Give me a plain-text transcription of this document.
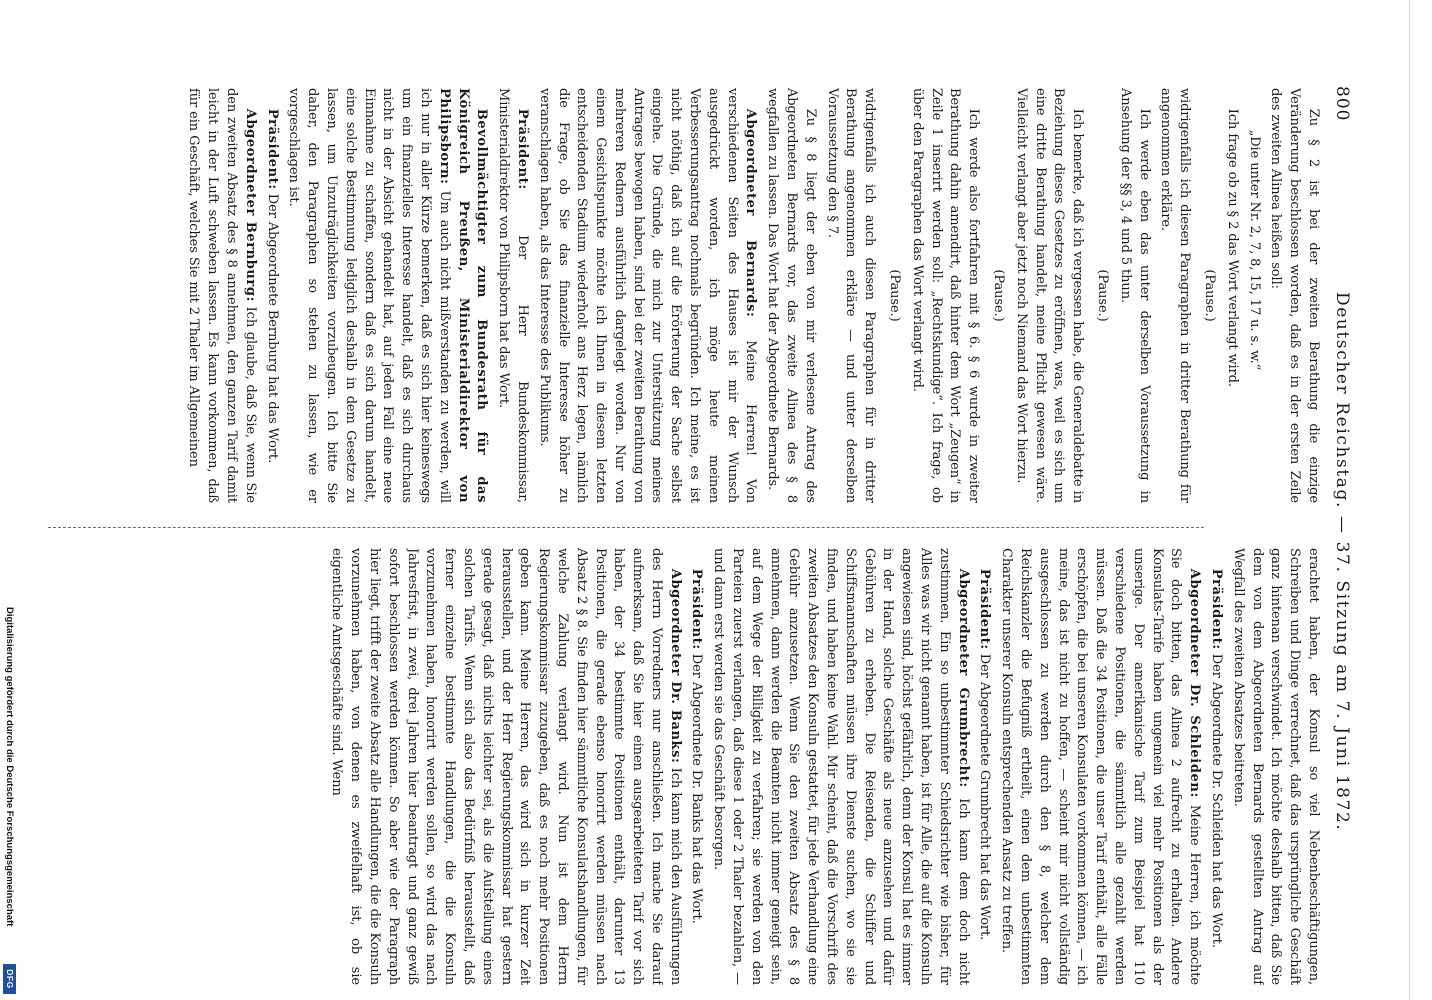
800
Deutscher Reichstag. — 37. Sitzung am 7. Juni 1872.

Zu § 2 ist bei der zweiten Berathung die einzige Veränderung beschlossen worden, daß es in der ersten Zeile des zweiten Alinea heißen soll:

„Die unter Nr. 2, 7, 8, 15, 17 u. s. w.“

Ich frage ob zu § 2 das Wort verlangt wird.

(Pause.)

widrigenfalls ich diesen Paragraphen in dritter Berathung für angenommen erkläre.

Ich werde eben das unter derselben Voraussetzung in Ansehung der §§ 3, 4 und 5 thun.

(Pause.)

Ich bemerke, daß ich vergessen habe, die Generaldebatte in Beziehung dieses Gesetzes zu eröffnen, was, weil es sich um eine dritte Berathung handelt, meine Pflicht gewesen wäre. Vielleicht verlangt aber jetzt noch Niemand das Wort hierzu.

(Pause.)

Ich werde also fortfahren mit § 6. § 6 wurde in zweiter Berathung dahin amendirt, daß hinter dem Wort „Zeugen“ in Zeile 1 inserirt werden soll: „Rechtskundige“. Ich frage, ob über den Paragraphen das Wort verlangt wird.

(Pause.)

widrigenfalls ich auch diesen Paragraphen für in dritter Berathung angenommen erkläre — und unter derselben Voraussetzung den § 7.

Zu § 8 liegt der eben von mir verlesene Antrag des Abgeordneten Bernards vor, das zweite Alinea des § 8 wegfallen zu lassen. Das Wort hat der Abgeordnete Bernards.

Abgeordneter Bernards: Meine Herren! Von verschiedenen Seiten des Hauses ist mir der Wunsch ausgedrückt worden, ich möge heute meinen Verbesserungsantrag nochmals begründen. Ich meine, es ist nicht nöthig, daß ich auf die Erörterung der Sache selbst eingehe. Die Gründe, die mich zur Unterstützung meines Antrages bewogen haben, sind bei der zweiten Berathung von mehreren Rednern ausführlich dargelegt worden. Nur von einem Gesichtspunkte möchte ich Ihnen in diesem letzten entscheidenden Stadium wiederholt ans Herz legen, nämlich die Frage, ob Sie das finanzielle Interesse höher zu veranschlagen haben, als das Interesse des Publikums.

Präsident: Der Herr Bundeskommissar, Ministerialdirektor von Philipsborn hat das Wort.

Bevollmächtigter zum Bundesrath für das Königreich Preußen, Ministerialdirektor von Philipsborn: Um auch nicht mißverstanden zu werden, will ich nur in aller Kürze bemerken, daß es sich hier keineswegs um ein finanzielles Interesse handelt, daß es sich durchaus nicht in der Absicht gehandelt hat, auf jeden Fall eine neue Einnahme zu schaffen, sondern daß es sich darum handelt, eine solche Bestimmung lediglich deshalb in dem Gesetze zu lassen, um Unzuträglichkeiten vorzubeugen. Ich bitte Sie daher, den Paragraphen so stehen zu lassen, wie er vorgeschlagen ist.

Präsident: Der Abgeordnete Bernburg hat das Wort.

Abgeordneter Bernburg: Ich glaube, daß Sie, wenn Sie den zweiten Absatz des § 8 annehmen, den ganzen Tarif damit leicht in der Luft schweben lassen. Es kann vorkommen, daß für ein Geschäft, welches Sie mit 2 Thaler im Allgemeinen

erachtet haben, der Konsul so viel Nebenbeschäftigungen, Schreiben und Dinge verrechnet, daß das ursprüngliche Geschäft ganz hintenan verschwindet. Ich möchte deshalb bitten, daß Sie dem von dem Abgeordneten Bernards gestellten Antrag auf Wegfall des zweiten Absatzes beitreten.

Präsident: Der Abgeordnete Dr. Schleiden hat das Wort.

Abgeordneter Dr. Schleiden: Meine Herren, ich möchte Sie doch bitten, das Alinea 2 aufrecht zu erhalten. Andere Konsulats-Tarife haben ungemein viel mehr Positionen als der unserige. Der amerikanische Tarif zum Beispiel hat 110 verschiedene Positionen, die sämmtlich alle gezahlt werden müssen. Daß die 34 Positionen, die unser Tarif enthält, alle Fälle erschöpfen, die bei unseren Konsulaten vorkommen können, — ich meine, das ist nicht zu hoffen, — scheint mir nicht vollständig ausgeschlossen zu werden durch den § 8, welcher dem Reichskanzler die Befugniß ertheilt, einen dem unbestimmten Charakter unserer Konsuln entsprechenden Ansatz zu treffen.

Präsident: Der Abgeordnete Grumbrecht hat das Wort.

Abgeordneter Grumbrecht: Ich kann dem doch nicht zustimmen. Ein so unbestimmter Schiedsrichter wie bisher, für Alles was wir nicht genannt haben, ist für Alle, die auf die Konsuln angewiesen sind, höchst gefährlich, denn der Konsul hat es immer in der Hand, solche Geschäfte als neue anzusehen und dafür Gebühren zu erheben. Die Reisenden, die Schiffer und Schiffsmannschaften müssen ihre Dienste suchen, wo sie sie finden, und haben keine Wahl. Mir scheint, daß die Vorschrift des zweiten Absatzes den Konsuln gestattet, für jede Verhandlung eine Gebühr anzusetzen. Wenn Sie den zweiten Absatz des § 8 annehmen, dann werden die Beamten nicht immer geneigt sein, auf dem Wege der Billigkeit zu verfahren; sie werden von den Parteien zuerst verlangen, daß diese 1 oder 2 Thaler bezahlen, — und dann erst werden sie das Geschäft besorgen.

Präsident: Der Abgeordnete Dr. Banks hat das Wort.

Abgeordneter Dr. Banks: Ich kann mich den Ausführungen des Herrn Vorredners nur anschließen. Ich mache Sie darauf aufmerksam, daß Sie hier einen ausgearbeiteten Tarif vor sich haben, der 34 bestimmte Positionen enthält, darunter 13 Positionen, die gerade ebenso honorirt werden müssen nach Absatz 2 § 8. Sie finden hier sämmtliche Konsulatshandlungen, für welche Zahlung verlangt wird. Nun ist dem Herrn Regierungskommissar zuzugeben, daß es noch mehr Positionen geben kann. Meine Herren, das wird sich in kurzer Zeit herausstellen, und der Herr Regierungskommissar hat gestern gerade gesagt, daß nichts leichter sei, als die Aufstellung eines solchen Tarifs. Wenn sich also das Bedürfniß herausstellt, daß ferner einzelne bestimmte Handlungen, die die Konsuln vorzunehmen haben, honorirt werden sollen, so wird das nach Jahresfrist, in zwei, drei Jahren hier beantragt und ganz gewiß sofort beschlossen werden können. So aber wie der Paragraph hier liegt, trifft der zweite Absatz alle Handlungen, die die Konsuln vorzunehmen haben, von denen es zweifelhaft ist, ob sie eigentliche Amtsgeschäfte sind. Wenn

Digitalisierung gefördert durch die Deutsche Forschungsgemeinschaft
DFG
